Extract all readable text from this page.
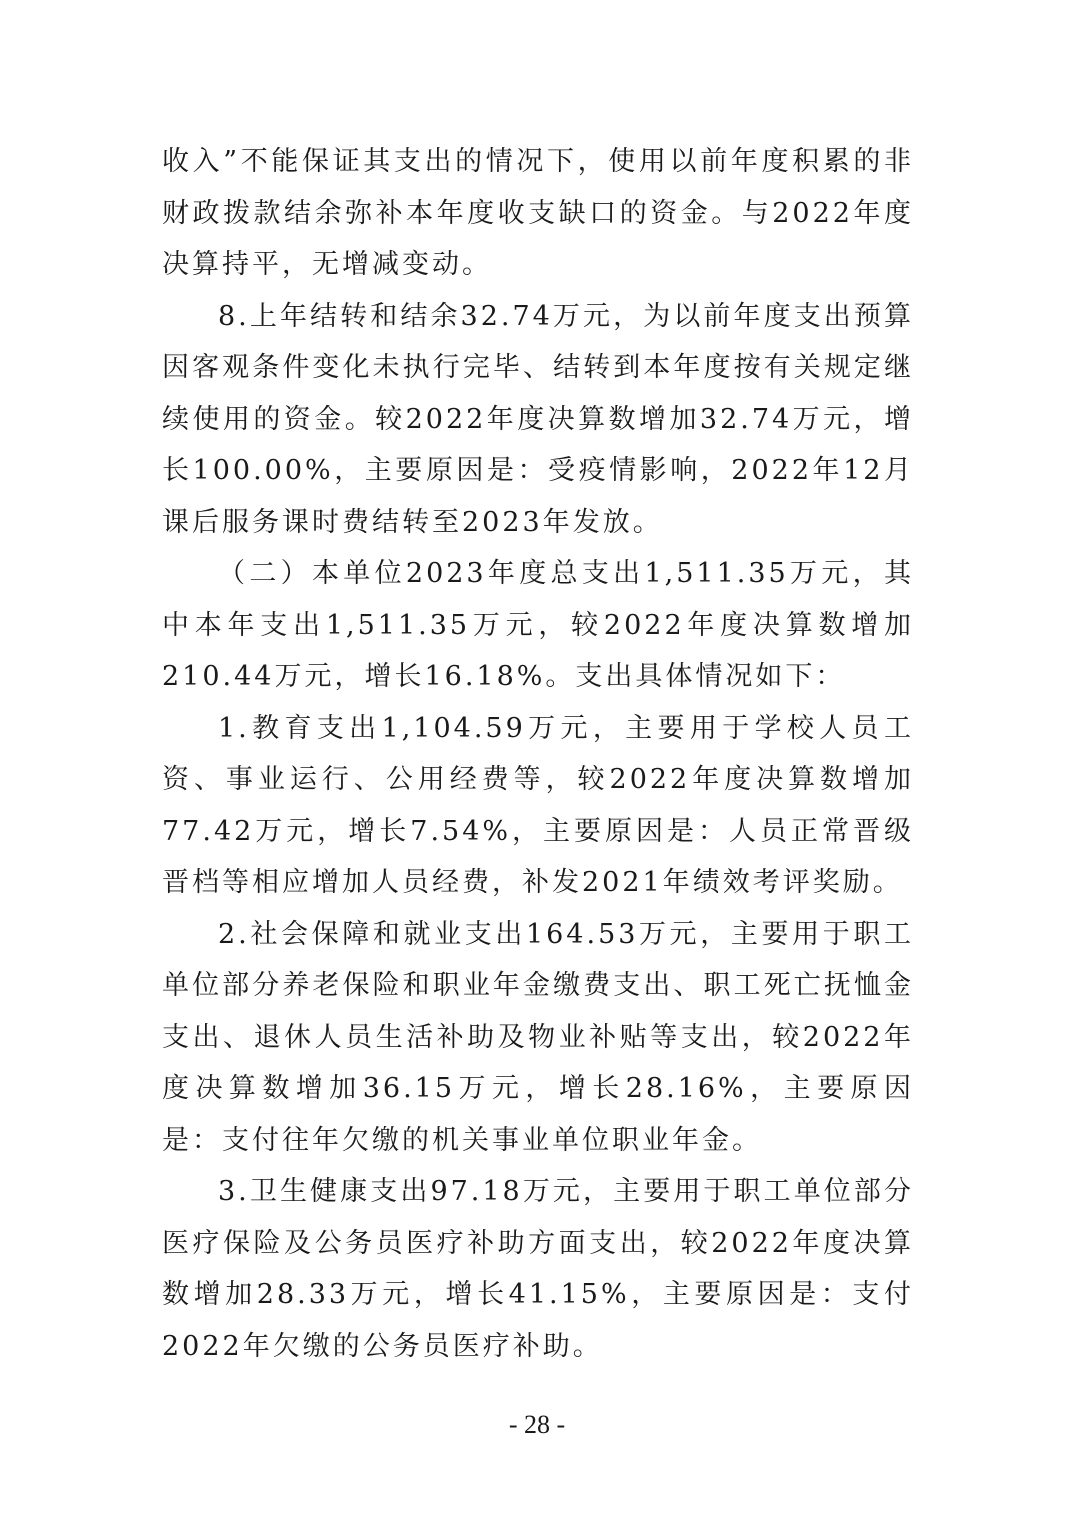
收入”不能保证其支出的情况下，使用以前年度积累的非财政拨款结余弥补本年度收支缺口的资金。与2022年度决算持平，无增减变动。

8.上年结转和结余32.74万元，为以前年度支出预算因客观条件变化未执行完毕、结转到本年度按有关规定继续使用的资金。较2022年度决算数增加32.74万元，增长100.00%，主要原因是：受疫情影响，2022年12月课后服务课时费结转至2023年发放。

（二）本单位2023年度总支出1,511.35万元，其中本年支出1,511.35万元，较2022年度决算数增加210.44万元，增长16.18%。支出具体情况如下：

1.教育支出1,104.59万元，主要用于学校人员工资、事业运行、公用经费等，较2022年度决算数增加77.42万元，增长7.54%，主要原因是：人员正常晋级晋档等相应增加人员经费，补发2021年绩效考评奖励。

2.社会保障和就业支出164.53万元，主要用于职工单位部分养老保险和职业年金缴费支出、职工死亡抚恤金支出、退休人员生活补助及物业补贴等支出，较2022年度决算数增加36.15万元，增长28.16%，主要原因是：支付往年欠缴的机关事业单位职业年金。

3.卫生健康支出97.18万元，主要用于职工单位部分医疗保险及公务员医疗补助方面支出，较2022年度决算数增加28.33万元，增长41.15%，主要原因是：支付2022年欠缴的公务员医疗补助。

- 28 -
